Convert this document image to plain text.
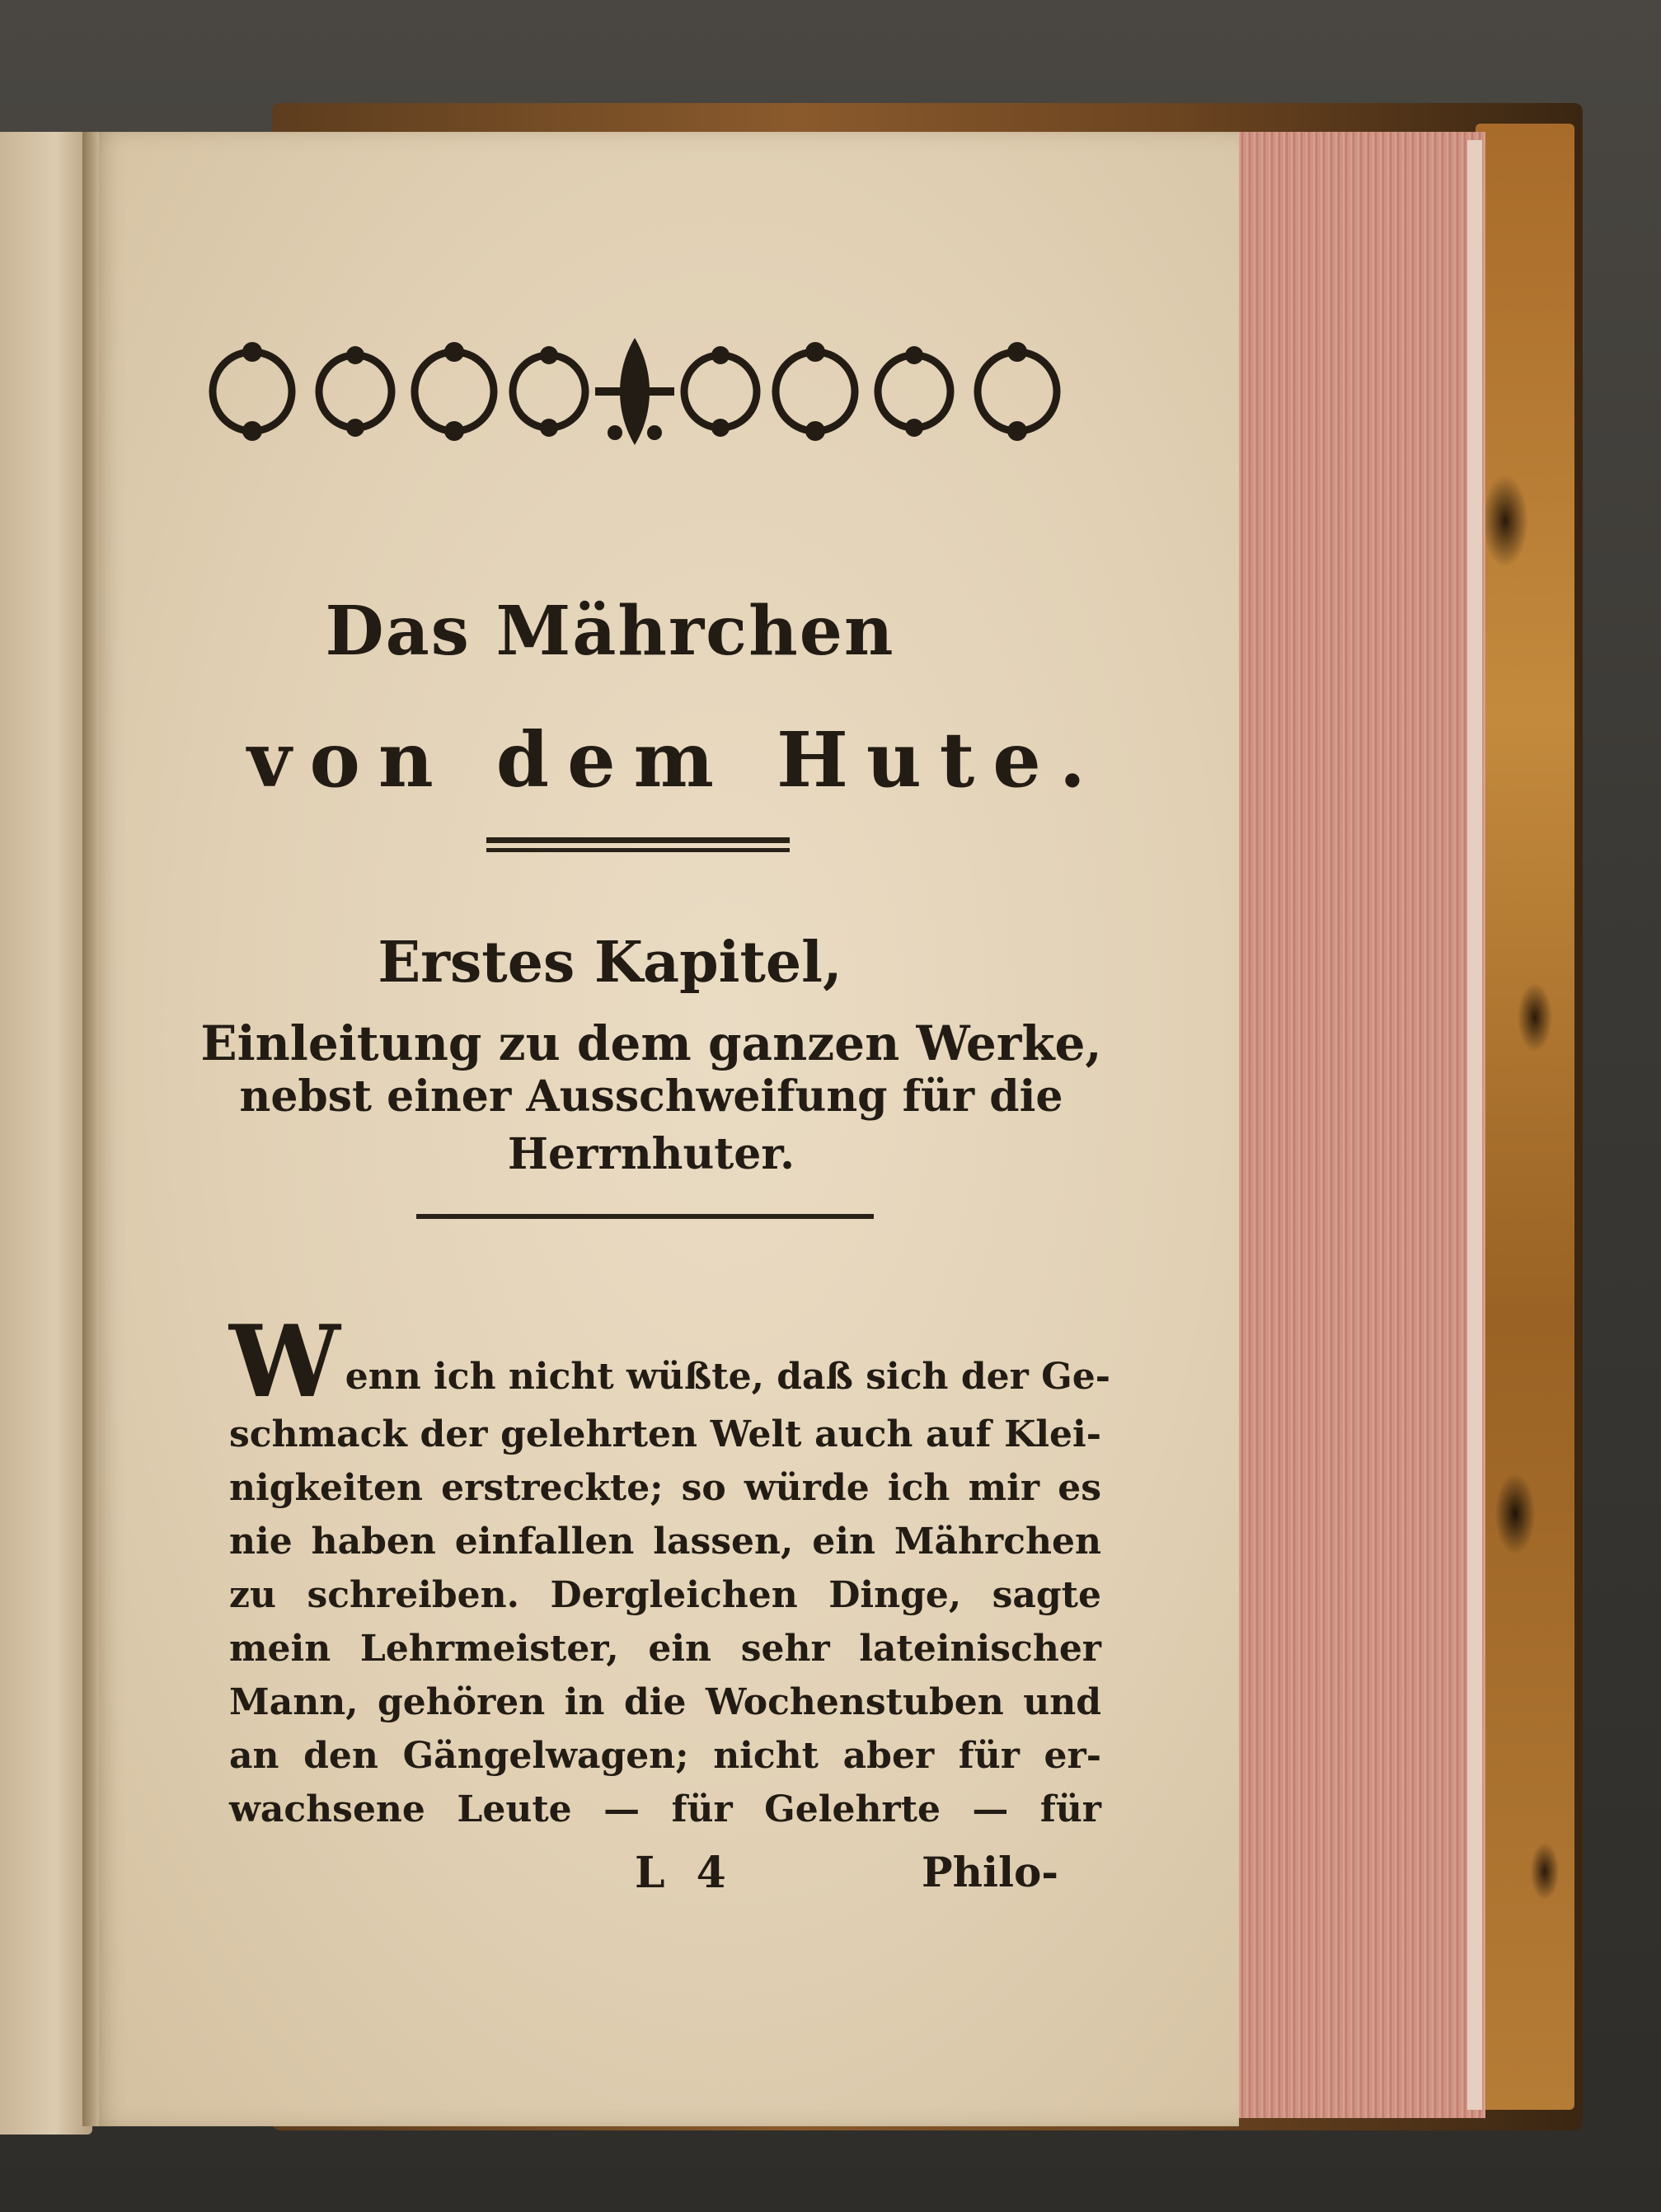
Das Mährchen
von dem Hute.
Erstes Kapitel,
Einleitung zu dem ganzen Werke,
nebst einer Ausschweifung für die
Herrnhuter.
W enn ich nicht wüßte, daß sich der Ge-
schmack der gelehrten Welt auch auf Klei-
nigkeiten erstreckte; so würde ich mir es
nie haben einfallen lassen, ein Mährchen
zu schreiben. Dergleichen Dinge, sagte
mein Lehrmeister, ein sehr lateinischer
Mann, gehören in die Wochenstuben und
an den Gängelwagen; nicht aber für er-
wachsene Leute — für Gelehrte — für
L 4	Philo-
